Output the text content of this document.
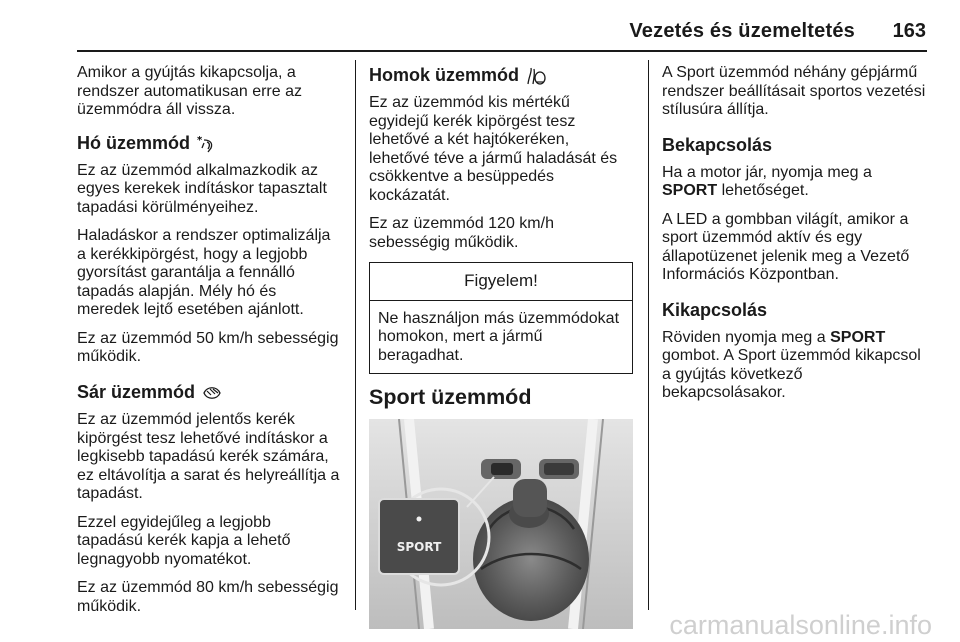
Vezetés és üzemeltetés	163

Amikor a gyújtás kikapcsolja, a rendszer automatikusan erre az üzemmódra áll vissza.

Hó üzemmód *

Ez az üzemmód alkalmazkodik az egyes kerekek indításkor tapasztalt tapadási körülményeihez.

Haladáskor a rendszer optimalizálja a kerékkipörgést, hogy a legjobb gyorsítást garantálja a fennálló tapadás alapján. Mély hó és meredek lejtő esetében ajánlott.

Ez az üzemmód 50 km/h sebességig működik.

Sár üzemmód

Ez az üzemmód jelentős kerék kipörgést tesz lehetővé indításkor a legkisebb tapadású kerék számára, ez eltávolítja a sarat és helyreállítja a tapadást.

Ezzel egyidejűleg a legjobb tapadású kerék kapja a lehető legnagyobb nyomatékot.

Ez az üzemmód 80 km/h sebességig működik.

Homok üzemmód

Ez az üzemmód kis mértékű egyidejű kerék kipörgést tesz lehetővé a két hajtókeréken, lehetővé téve a jármű haladását és csökkentve a besüppedés kockázatát.

Ez az üzemmód 120 km/h sebességig működik.

Figyelem!
Ne használjon más üzemmódokat homokon, mert a jármű beragadhat.
Sport üzemmód
SPORT

A Sport üzemmód néhány gépjármű rendszer beállításait sportos vezetési stílusúra állítja.

Bekapcsolás

Ha a motor jár, nyomja meg a SPORT lehetőséget.

A LED a gombban világít, amikor a sport üzemmód aktív és egy állapotüzenet jelenik meg a Vezető Információs Központban.

Kikapcsolás

Röviden nyomja meg a SPORT gombot. A Sport üzemmód kikapcsol a gyújtás következő bekapcsolásakor.

carmanualsonline.info
